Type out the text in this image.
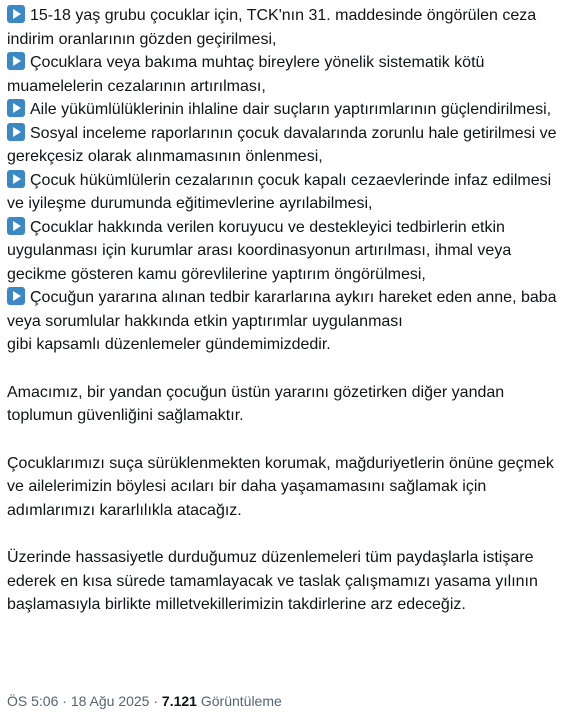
15-18 yaş grubu çocuklar için, TCK'nın 31. maddesinde öngörülen ceza indirim oranlarının gözden geçirilmesi,

Çocuklara veya bakıma muhtaç bireylere yönelik sistematik kötü muamelelerin cezalarının artırılması,

Aile yükümlülüklerinin ihlaline dair suçların yaptırımlarının güçlendirilmesi,

Sosyal inceleme raporlarının çocuk davalarında zorunlu hale getirilmesi ve gerekçesiz olarak alınmamasının önlenmesi,

Çocuk hükümlülerin cezalarının çocuk kapalı cezaevlerinde infaz edilmesi ve iyileşme durumunda eğitimevlerine ayrılabilmesi,

Çocuklar hakkında verilen koruyucu ve destekleyici tedbirlerin etkin uygulanması için kurumlar arası koordinasyonun artırılması, ihmal veya gecikme gösteren kamu görevlilerine yaptırım öngörülmesi,

Çocuğun yararına alınan tedbir kararlarına aykırı hareket eden anne, baba veya sorumlular hakkında etkin yaptırımlar uygulanması

gibi kapsamlı düzenlemeler gündemimizdedir.

Amacımız, bir yandan çocuğun üstün yararını gözetirken diğer yandan toplumun güvenliğini sağlamaktır.

Çocuklarımızı suça sürüklenmekten korumak, mağduriyetlerin önüne geçmek ve ailelerimizin böylesi acıları bir daha yaşamamasını sağlamak için adımlarımızı kararlılıkla atacağız.

Üzerinde hassasiyetle durduğumuz düzenlemeleri tüm paydaşlarla istişare ederek en kısa sürede tamamlayacak ve taslak çalışmamızı yasama yılının başlamasıyla birlikte milletvekillerimizin takdirlerine arz edeceğiz.

ÖS 5:06 · 18 Ağu 2025 · 7.121 Görüntüleme
